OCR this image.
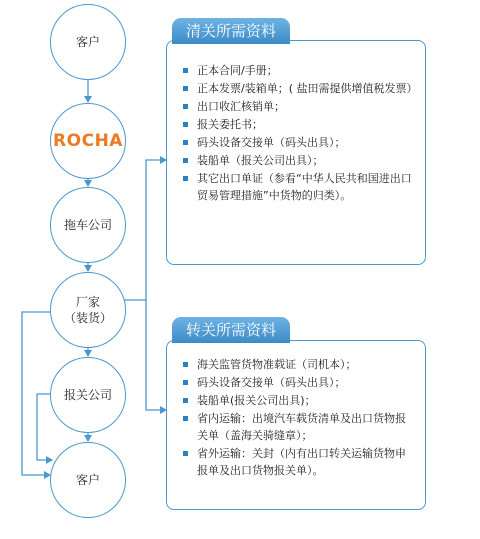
客户
ROCHA
拖车公司
厂家
（装货）
报关公司
客户
清关所需资料
正本合同/手册；
正本发票/装箱单；( 盐田需提供增值税发票）
出口收汇核销单；
报关委托书；
码头设备交接单（码头出具）；
装船单（报关公司出具）；
其它出口单证（参看“中华人民共和国进出口贸易管理措施”中货物的归类）。
转关所需资料
海关监管货物准载证（司机本）；
码头设备交接单（码头出具）；
装船单(报关公司出具)；
省内运输：出境汽车载货清单及出口货物报关单（盖海关骑缝章）；
省外运输：关封（内有出口转关运输货物申报单及出口货物报关单）。
